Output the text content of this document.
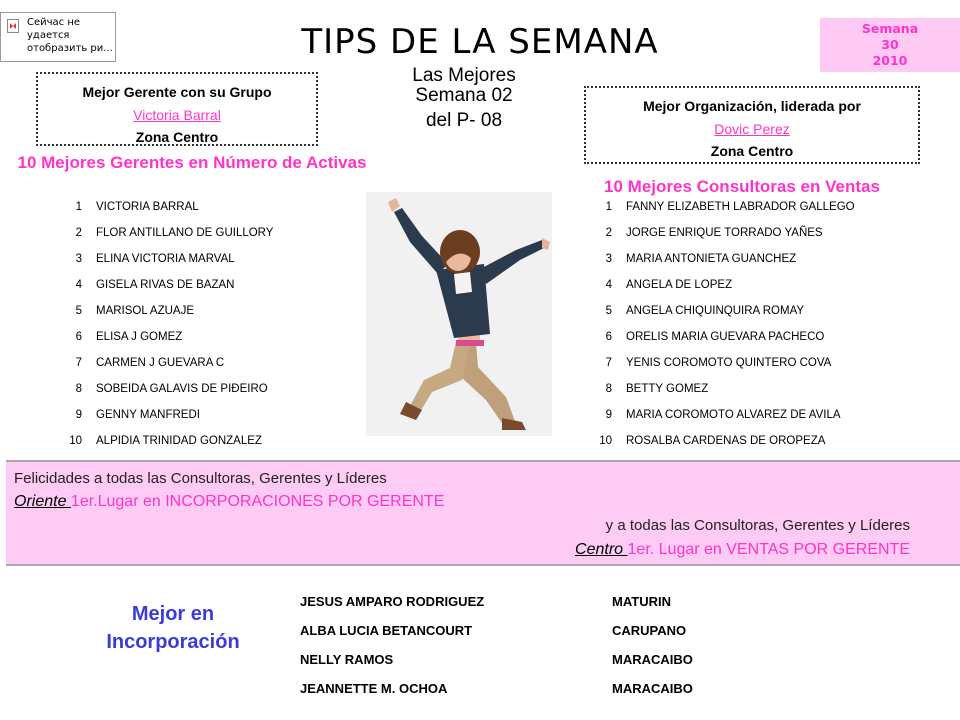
Сейчас не
удается
отобразить ри...	TIPS DE LA SEMANA	Semana
30
2010
Mejor Gerente con su Grupo
Victoria Barral
Zona Centro
Las Mejores
Semana 02
del P- 08
Mejor Organización, liderada por
Dovic Perez
Zona Centro
10 Mejores Gerentes en Número de Activas
10 Mejores Consultoras en Ventas
1 VICTORIA BARRAL
2 FLOR ANTILLANO DE GUILLORY
3 ELINA VICTORIA MARVAL
4 GISELA RIVAS DE BAZAN
5 MARISOL AZUAJE
6 ELISA J GOMEZ
7 CARMEN J GUEVARA C
8 SOBEIDA GALAVIS DE PIÐEIRO
9 GENNY MANFREDI
10 ALPIDIA TRINIDAD GONZALEZ
1 FANNY ELIZABETH LABRADOR GALLEGO
2 JORGE ENRIQUE TORRADO YAÑES
3 MARIA ANTONIETA GUANCHEZ
4 ANGELA DE LOPEZ
5 ANGELA CHIQUINQUIRA ROMAY
6 ORELIS MARIA GUEVARA PACHECO
7 YENIS COROMOTO QUINTERO COVA
8 BETTY GOMEZ
9 MARIA COROMOTO ALVAREZ DE AVILA
10 ROSALBA CARDENAS DE OROPEZA
Felicidades a todas las Consultoras, Gerentes y Líderes
Oriente 1er.Lugar en INCORPORACIONES POR GERENTE
y a todas las Consultoras, Gerentes y Líderes
Centro 1er. Lugar en VENTAS POR GERENTE
Mejor en
Incorporación
JESUS AMPARO RODRIGUEZ	MATURIN
ALBA LUCIA BETANCOURT	CARUPANO
NELLY RAMOS	MARACAIBO
JEANNETTE M. OCHOA	MARACAIBO
